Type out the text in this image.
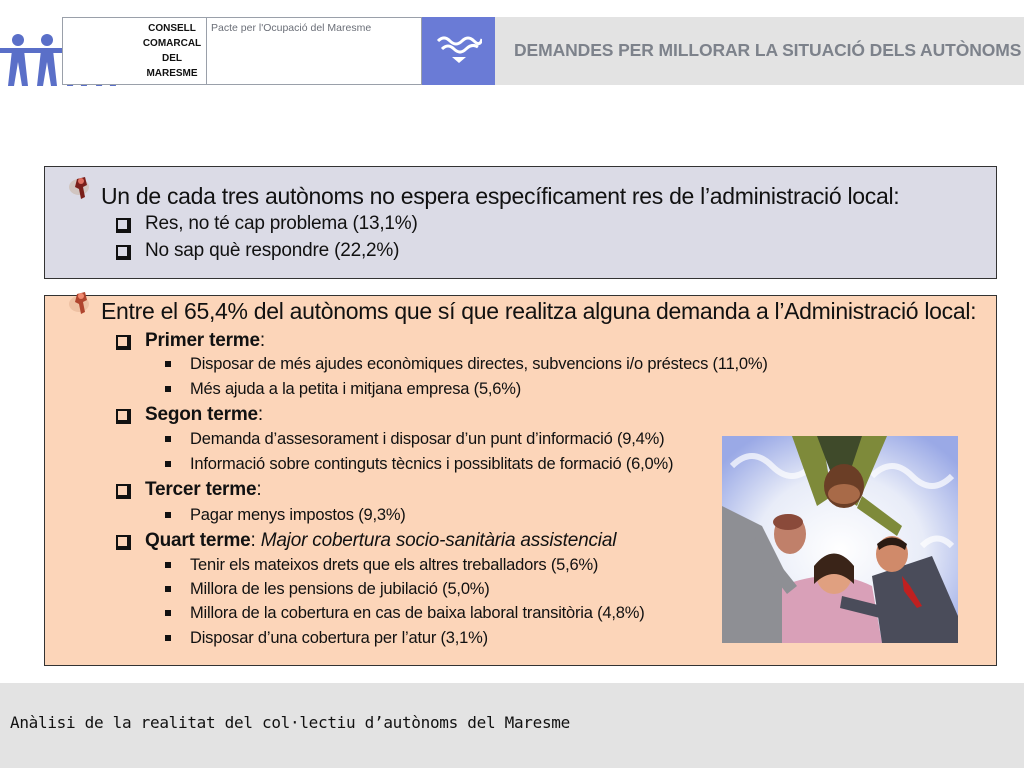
CONSELL
COMARCAL
DEL
MARESME
Pacte per l'Ocupació del Maresme
DEMANDES PER MILLORAR LA SITUACIÓ DELS AUTÒNOMS
Un de cada tres autònoms no espera específicament res de l’administració local:
Res, no té cap problema (13,1%)
No sap què respondre (22,2%)
Entre el 65,4% del autònoms que sí que realitza alguna demanda a l’Administració local:
Primer terme:
Disposar de més ajudes econòmiques directes, subvencions i/o préstecs (11,0%)
Més ajuda a la petita i mitjana empresa (5,6%)
Segon terme:
Demanda d’assesorament i disposar d’un punt d’informació (9,4%)
Informació sobre continguts tècnics i possiblitats de formació (6,0%)
Tercer terme:
Pagar menys impostos (9,3%)
Quart terme: Major cobertura socio-sanitària assistencial
Tenir els mateixos drets que els altres treballadors (5,6%)
Millora de les pensions de jubilació (5,0%)
Millora de la cobertura en cas de baixa laboral transitòria (4,8%)
Disposar d’una cobertura per l’atur (3,1%)
Anàlisi de la realitat del col·lectiu d’autònoms del Maresme
